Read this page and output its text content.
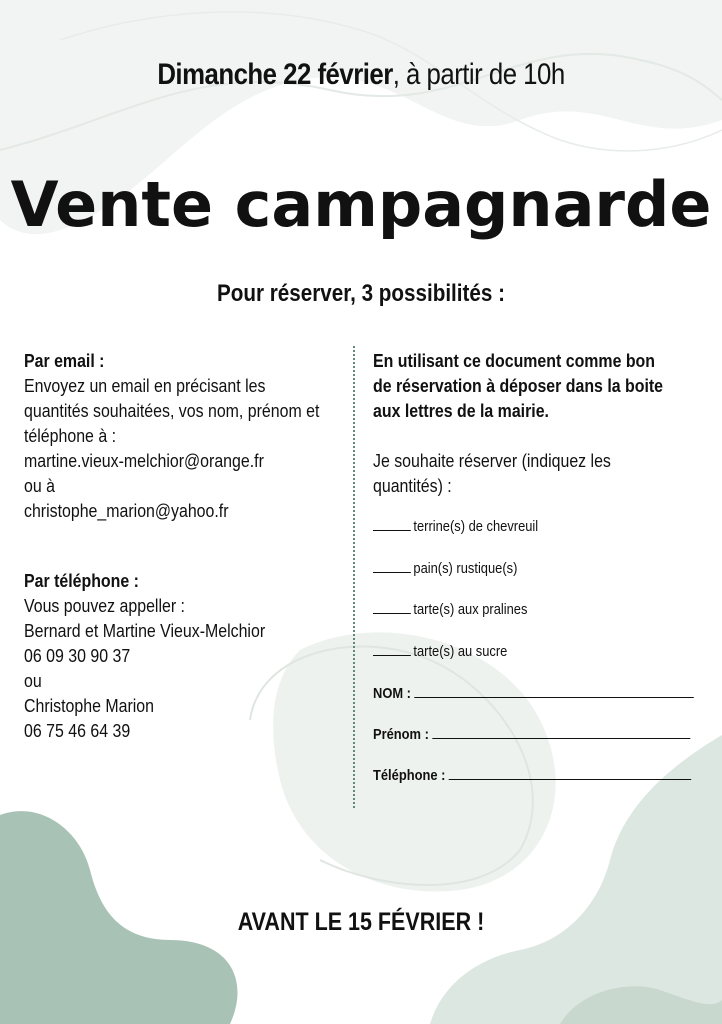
Dimanche 22 février, à partir de 10h
Vente campagnarde
Pour réserver, 3 possibilités :
Par email :
Envoyez un email en précisant les
quantités souhaitées, vos nom, prénom et
téléphone à :
martine.vieux-melchior@orange.fr
ou à
christophe_marion@yahoo.fr
Par téléphone :
Vous pouvez appeller :
Bernard et Martine Vieux-Melchior
06 09 30 90 37
ou
Christophe Marion
06 75 46 64 39
En utilisant ce document comme bon
de réservation à déposer dans la boite
aux lettres de la mairie.
Je souhaite réserver (indiquez les
quantités) :
terrine(s) de chevreuil
pain(s) rustique(s)
tarte(s) aux pralines
tarte(s) au sucre
NOM :
Prénom :
Téléphone :
AVANT LE 15 FÉVRIER !
